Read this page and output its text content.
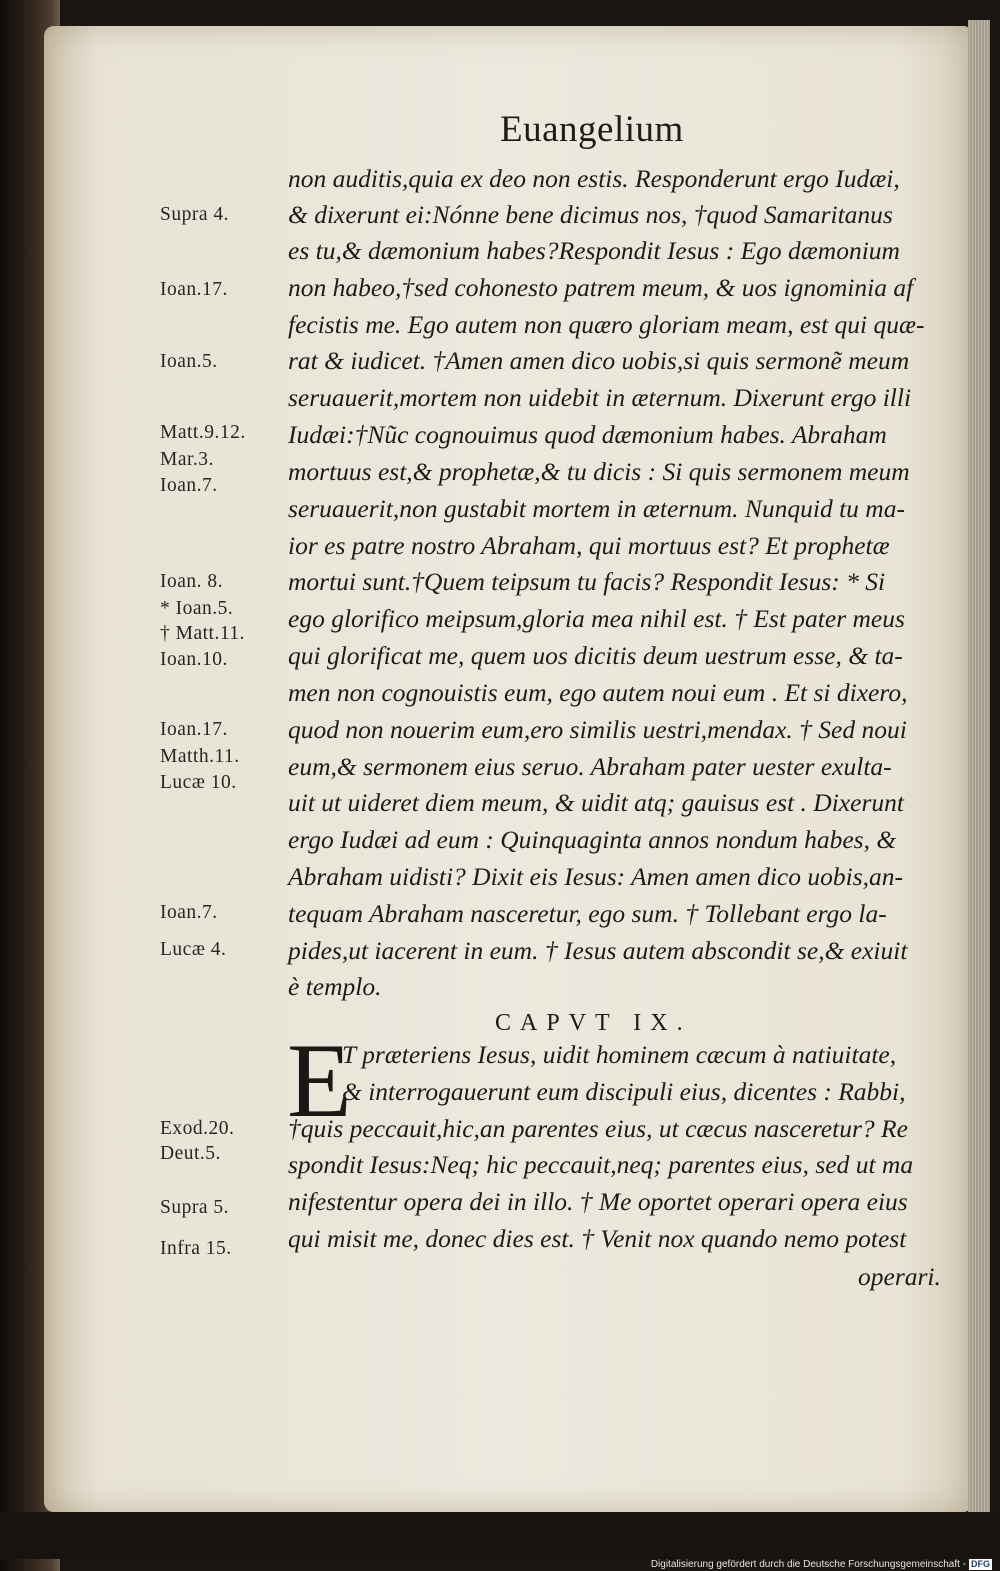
Euangelium

non auditis,quia ex deo non estis. Responderunt ergo Iudæi,

& dixerunt ei:Nónne bene dicimus nos, †quod Samaritanus

es tu,& dæmonium habes?Respondit Iesus : Ego dæmonium

non habeo,†sed cohonesto patrem meum, & uos ignominia af

fecistis me. Ego autem non quæro gloriam meam, est qui quæ-

rat & iudicet. †Amen amen dico uobis,si quis sermonẽ meum

seruauerit,mortem non uidebit in æternum. Dixerunt ergo illi

Iudæi:†Nũc cognouimus quod dæmonium habes. Abraham

mortuus est,& prophetæ,& tu dicis : Si quis sermonem meum

seruauerit,non gustabit mortem in æternum. Nunquid tu ma-

ior es patre nostro Abraham, qui mortuus est? Et prophetæ

mortui sunt.†Quem teipsum tu facis? Respondit Iesus: * Si

ego glorifico meipsum,gloria mea nihil est. † Est pater meus

qui glorificat me, quem uos dicitis deum uestrum esse, & ta-

men non cognouistis eum, ego autem noui eum . Et si dixero,

quod non nouerim eum,ero similis uestri,mendax. † Sed noui

eum,& sermonem eius seruo. Abraham pater uester exulta-

uit ut uideret diem meum, & uidit atq; gauisus est . Dixerunt

ergo Iudæi ad eum : Quinquaginta annos nondum habes, &

Abraham uidisti? Dixit eis Iesus: Amen amen dico uobis,an-

tequam Abraham nasceretur, ego sum. † Tollebant ergo la-

pides,ut iacerent in eum. † Iesus autem abscondit se,& exiuit

è templo.

CAPVT IX.
E

T præteriens Iesus, uidit hominem cæcum à natiuitate,

& interrogauerunt eum discipuli eius, dicentes : Rabbi,

†quis peccauit,hic,an parentes eius, ut cæcus nasceretur? Re

spondit Iesus:Neq; hic peccauit,neq; parentes eius, sed ut ma

nifestentur opera dei in illo. † Me oportet operari opera eius

qui misit me, donec dies est. † Venit nox quando nemo potest

operari.

Supra 4.

Ioan.17.

Ioan.5.

Matt.9.12.

Mar.3.

Ioan.7.

Ioan. 8.

* Ioan.5.

† Matt.11.

Ioan.10.

Ioan.17.

Matth.11.

Lucæ 10.

Ioan.7.

Lucæ 4.

Exod.20.

Deut.5.

Supra 5.

Infra 15.

Digitalisierung gefördert durch die Deutsche Forschungsgemeinschaft - DFG
